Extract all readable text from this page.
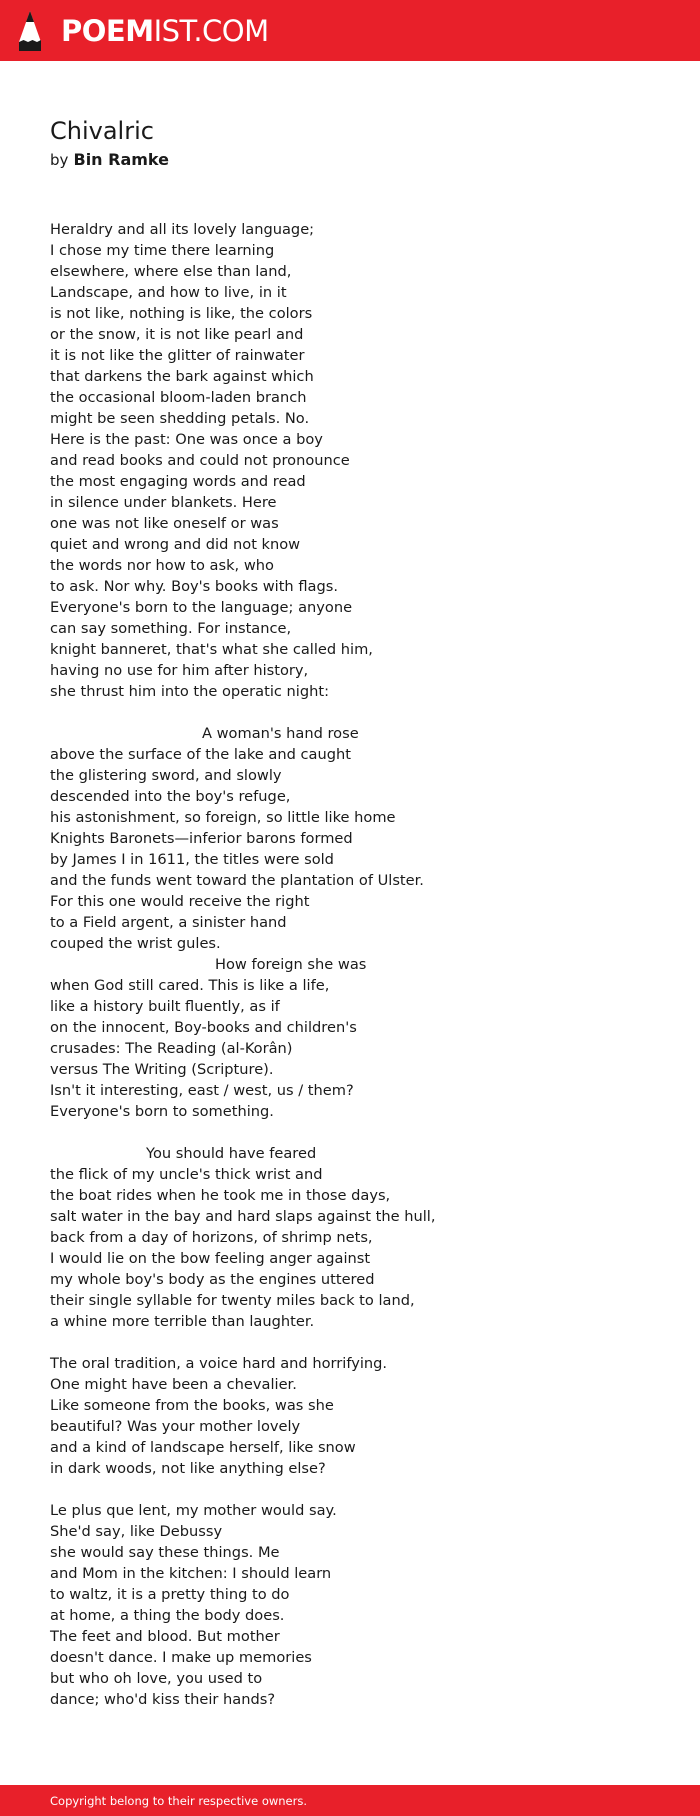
POEMIST.COM
Chivalric
by Bin Ramke
Heraldry and all its lovely language;
I chose my time there learning
elsewhere, where else than land,
Landscape, and how to live, in it
is not like, nothing is like, the colors
or the snow, it is not like pearl and
it is not like the glitter of rainwater
that darkens the bark against which
the occasional bloom-laden branch
might be seen shedding petals. No.
Here is the past: One was once a boy
and read books and could not pronounce
the most engaging words and read
in silence under blankets. Here
one was not like oneself or was
quiet and wrong and did not know
the words nor how to ask, who
to ask. Nor why. Boy's books with flags.
Everyone's born to the language; anyone
can say something. For instance,
knight banneret, that's what she called him,
having no use for him after history,
she thrust him into the operatic night:
A woman's hand rose
above the surface of the lake and caught
the glistering sword, and slowly
descended into the boy's refuge,
his astonishment, so foreign, so little like home
Knights Baronets—inferior barons formed
by James I in 1611, the titles were sold
and the funds went toward the plantation of Ulster.
For this one would receive the right
to a Field argent, a sinister hand
couped the wrist gules.
How foreign she was
when God still cared. This is like a life,
like a history built fluently, as if
on the innocent, Boy-books and children's
crusades: The Reading (al-Korân)
versus The Writing (Scripture).
Isn't it interesting, east / west, us / them?
Everyone's born to something.
You should have feared
the flick of my uncle's thick wrist and
the boat rides when he took me in those days,
salt water in the bay and hard slaps against the hull,
back from a day of horizons, of shrimp nets,
I would lie on the bow feeling anger against
my whole boy's body as the engines uttered
their single syllable for twenty miles back to land,
a whine more terrible than laughter.
The oral tradition, a voice hard and horrifying.
One might have been a chevalier.
Like someone from the books, was she
beautiful? Was your mother lovely
and a kind of landscape herself, like snow
in dark woods, not like anything else?
Le plus que lent, my mother would say.
She'd say, like Debussy
she would say these things. Me
and Mom in the kitchen: I should learn
to waltz, it is a pretty thing to do
at home, a thing the body does.
The feet and blood. But mother
doesn't dance. I make up memories
but who oh love, you used to
dance; who'd kiss their hands?
Copyright belong to their respective owners.
